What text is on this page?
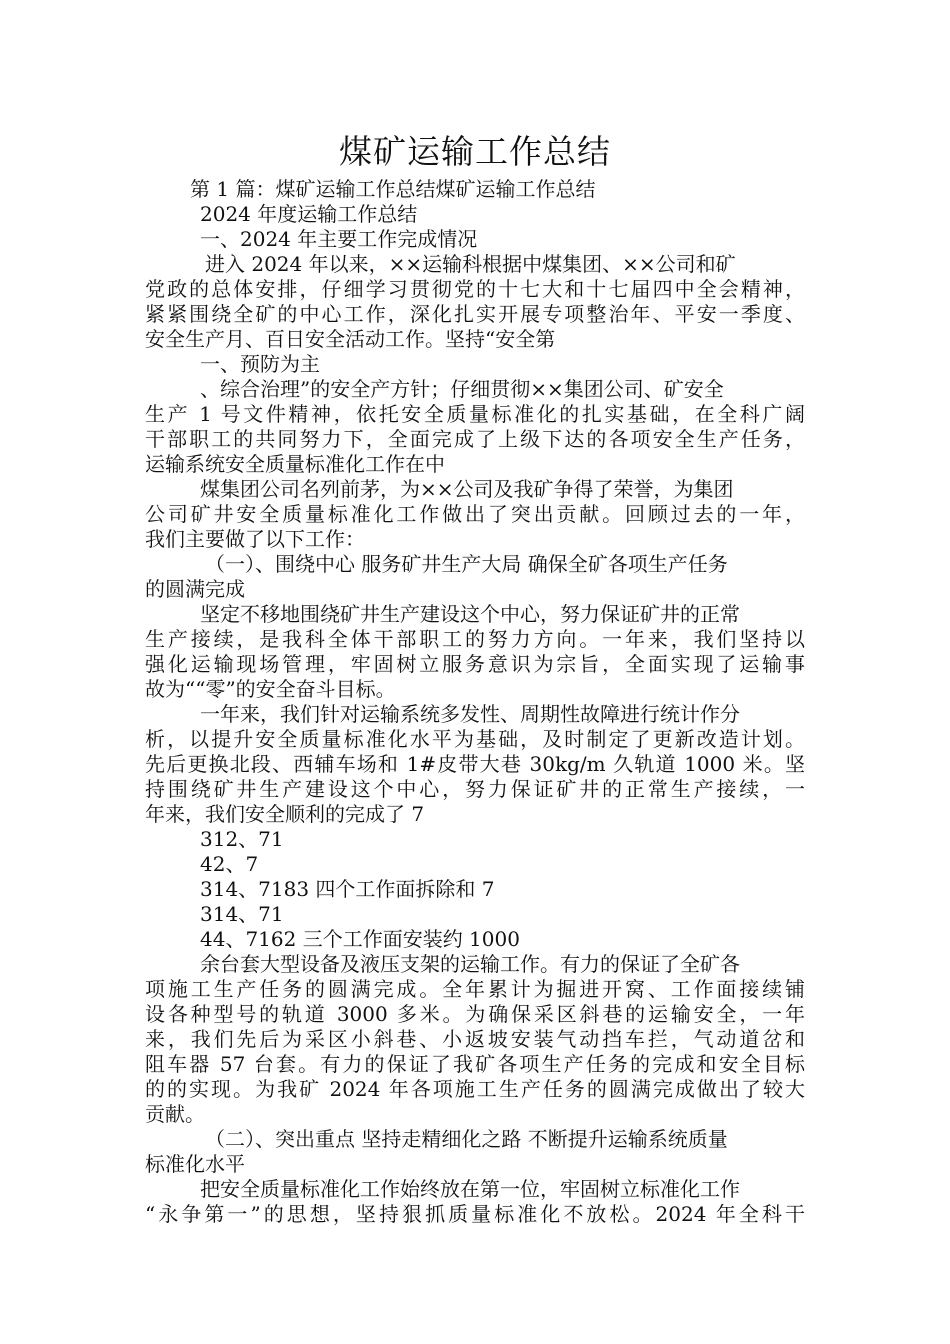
煤矿运输工作总结
第 1 篇：煤矿运输工作总结煤矿运输工作总结
2024 年度运输工作总结
一、2024 年主要工作完成情况
进入 2024 年以来，××运输科根据中煤集团、××公司和矿
党政的总体安排，仔细学习贯彻党的十七大和十七届四中全会精神，
紧紧围绕全矿的中心工作，深化扎实开展专项整治年、平安一季度、
安全生产月、百日安全活动工作。坚持“安全第
一、预防为主
、综合治理”的安全产方针；仔细贯彻××集团公司、矿安全
生产 1 号文件精神，依托安全质量标准化的扎实基础，在全科广阔
干部职工的共同努力下，全面完成了上级下达的各项安全生产任务，
运输系统安全质量标准化工作在中
煤集团公司名列前茅，为××公司及我矿争得了荣誉，为集团
公司矿井安全质量标准化工作做出了突出贡献。回顾过去的一年，
我们主要做了以下工作：
（一）、围绕中心 服务矿井生产大局 确保全矿各项生产任务
的圆满完成
坚定不移地围绕矿井生产建设这个中心，努力保证矿井的正常
生产接续，是我科全体干部职工的努力方向。一年来，我们坚持以
强化运输现场管理，牢固树立服务意识为宗旨，全面实现了运输事
故为““零”的安全奋斗目标。
一年来，我们针对运输系统多发性、周期性故障进行统计作分
析，以提升安全质量标准化水平为基础，及时制定了更新改造计划。
先后更换北段、西辅车场和 1#皮带大巷 30kg/m 久轨道 1000 米。坚
持围绕矿井生产建设这个中心，努力保证矿井的正常生产接续，一
年来，我们安全顺利的完成了 7
312、71
42、7
314、7183 四个工作面拆除和 7
314、71
44、7162 三个工作面安装约 1000
余台套大型设备及液压支架的运输工作。有力的保证了全矿各
项施工生产任务的圆满完成。全年累计为掘进开窝、工作面接续铺
设各种型号的轨道 3000 多米。为确保采区斜巷的运输安全，一年
来，我们先后为采区小斜巷、小返坡安装气动挡车拦，气动道岔和
阻车器 57 台套。有力的保证了我矿各项生产任务的完成和安全目标
的的实现。为我矿 2024 年各项施工生产任务的圆满完成做出了较大
贡献。
（二）、突出重点 坚持走精细化之路 不断提升运输系统质量
标准化水平
把安全质量标准化工作始终放在第一位，牢固树立标准化工作
“永争第一”的思想，坚持狠抓质量标准化不放松。2024 年全科干
